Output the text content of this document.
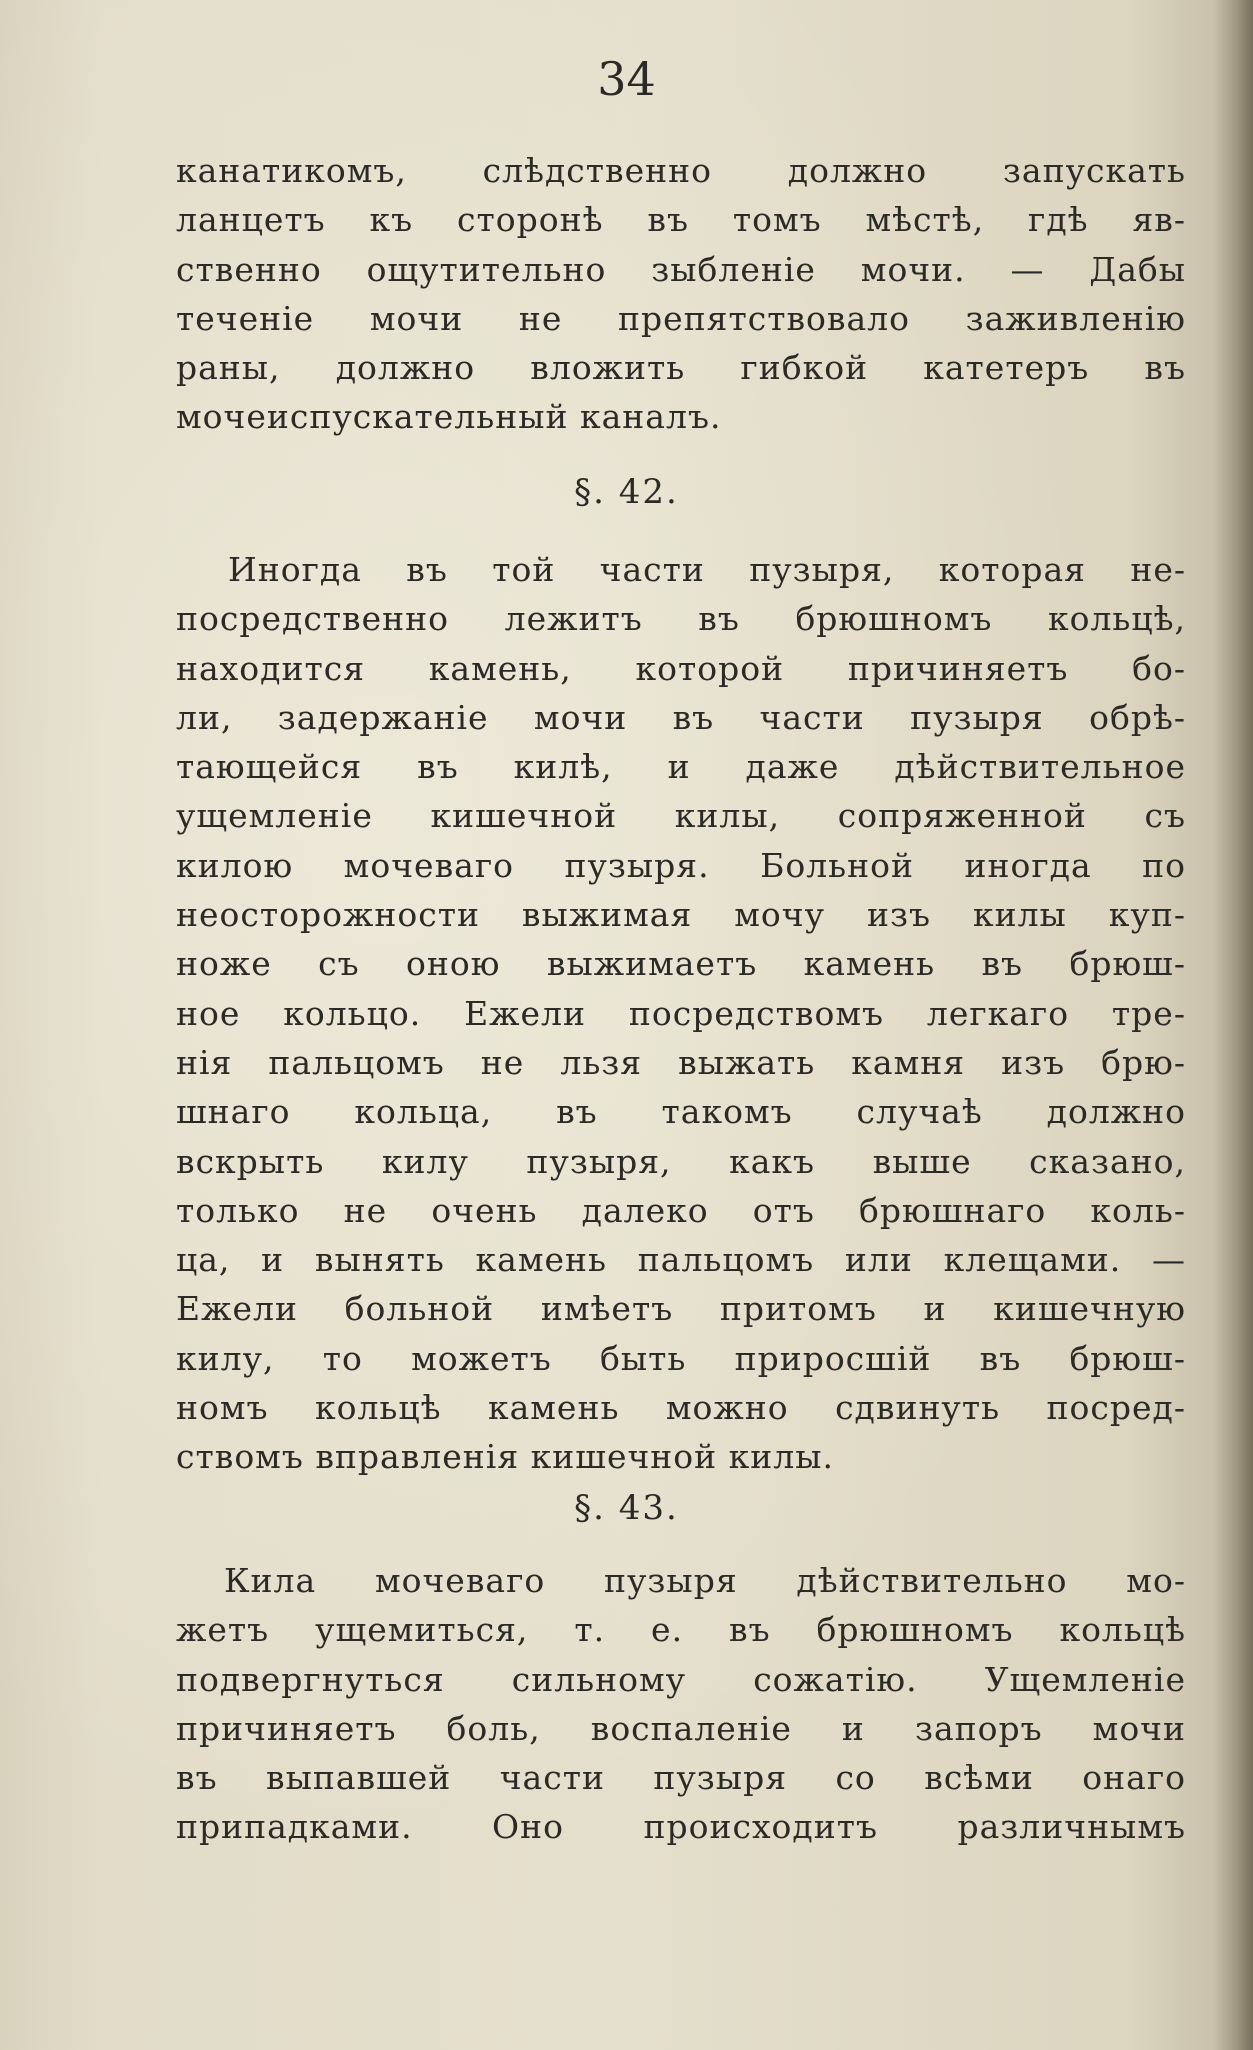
34
канатикомъ, слѣдственно должно запускать
ланцетъ къ сторонѣ въ томъ мѣстѣ, гдѣ яв-
ственно ощутительно зыбленіе мочи. — Дабы
теченіе мочи не препятствовало заживленію
раны, должно вложить гибкой катетеръ въ
мочеиспускательный каналъ.
§. 42.
Иногда въ той части пузыря, которая не-
посредственно лежитъ въ брюшномъ кольцѣ,
находится камень, которой причиняетъ бо-
ли, задержаніе мочи въ части пузыря обрѣ-
тающейся въ килѣ, и даже дѣйствительное
ущемленіе кишечной килы, сопряженной съ
килою мочеваго пузыря. Больной иногда по
неосторожности выжимая мочу изъ килы куп-
ноже съ оною выжимаетъ камень въ брюш-
ное кольцо. Ежели посредствомъ легкаго тре-
нія пальцомъ не льзя выжать камня изъ брю-
шнаго кольца, въ такомъ случаѣ должно
вскрыть килу пузыря, какъ выше сказано,
только не очень далеко отъ брюшнаго коль-
ца, и вынять камень пальцомъ или клещами. —
Ежели больной имѣетъ притомъ и кишечную
килу, то можетъ быть приросшій въ брюш-
номъ кольцѣ камень можно сдвинуть посред-
ствомъ вправленія кишечной килы.
§. 43.
Кила мочеваго пузыря дѣйствительно мо-
жетъ ущемиться, т. е. въ брюшномъ кольцѣ
подвергнуться сильному сожатію. Ущемленіе
причиняетъ боль, воспаленіе и запоръ мочи
въ выпавшей части пузыря со всѣми онаго
припадками. Оно происходитъ различнымъ
